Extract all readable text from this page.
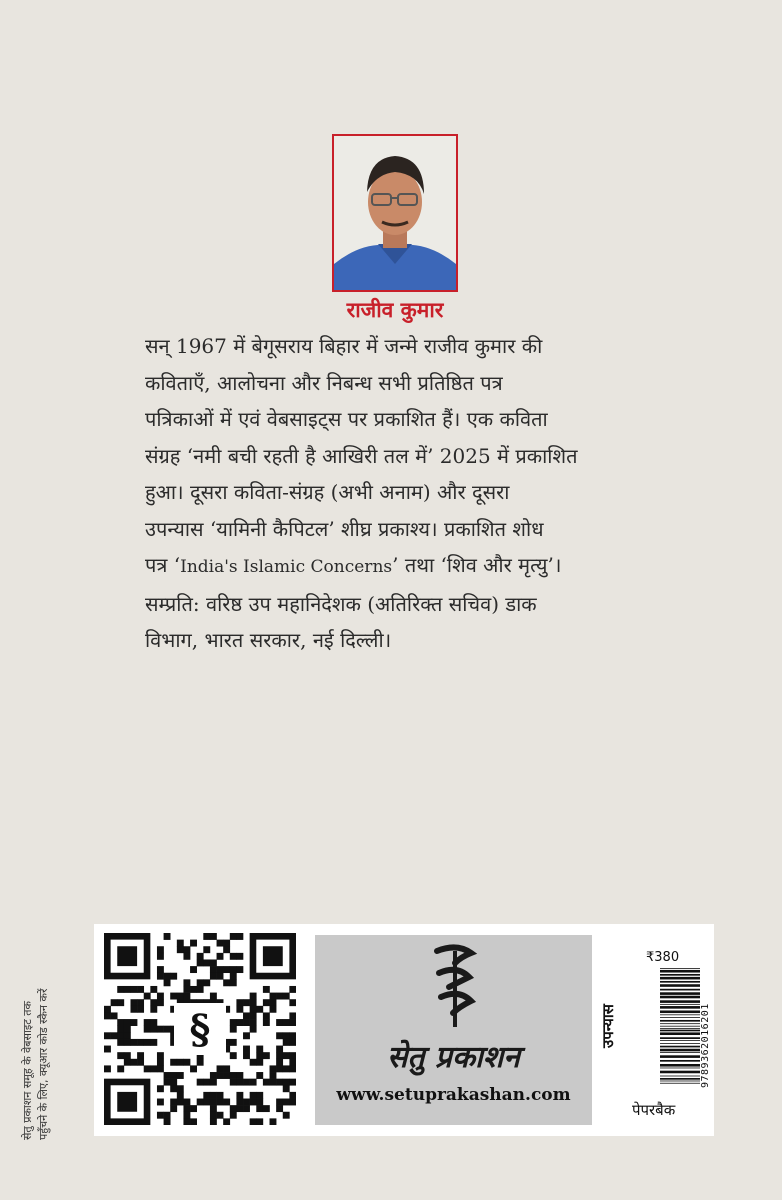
राजीव कुमार
सन् 1967 में बेगूसराय बिहार में जन्मे राजीव कुमार की
कविताएँ, आलोचना और निबन्ध सभी प्रतिष्ठित पत्र
पत्रिकाओं में एवं वेबसाइट्स पर प्रकाशित हैं। एक कविता
संग्रह ‘नमी बची रहती है आखिरी तल में’ 2025 में प्रकाशित
हुआ। दूसरा कविता-संग्रह (अभी अनाम) और दूसरा
उपन्यास ‘यामिनी कैपिटल’ शीघ्र प्रकाश्य। प्रकाशित शोध
पत्र ‘India's Islamic Concerns’ तथा ‘शिव और मृत्यु’।
सम्प्रति: वरिष्ठ उप महानिदेशक (अतिरिक्त सचिव) डाक
विभाग, भारत सरकार, नई दिल्ली।
सेतु प्रकाशन समूह के वेबसाइट तक पहुँचने के लिए, क्यूआर कोड स्कैन करें	§
सेतु प्रकाशन
www.setuprakashan.com
उपन्यास
₹380
9789362016201
पेपरबैक
